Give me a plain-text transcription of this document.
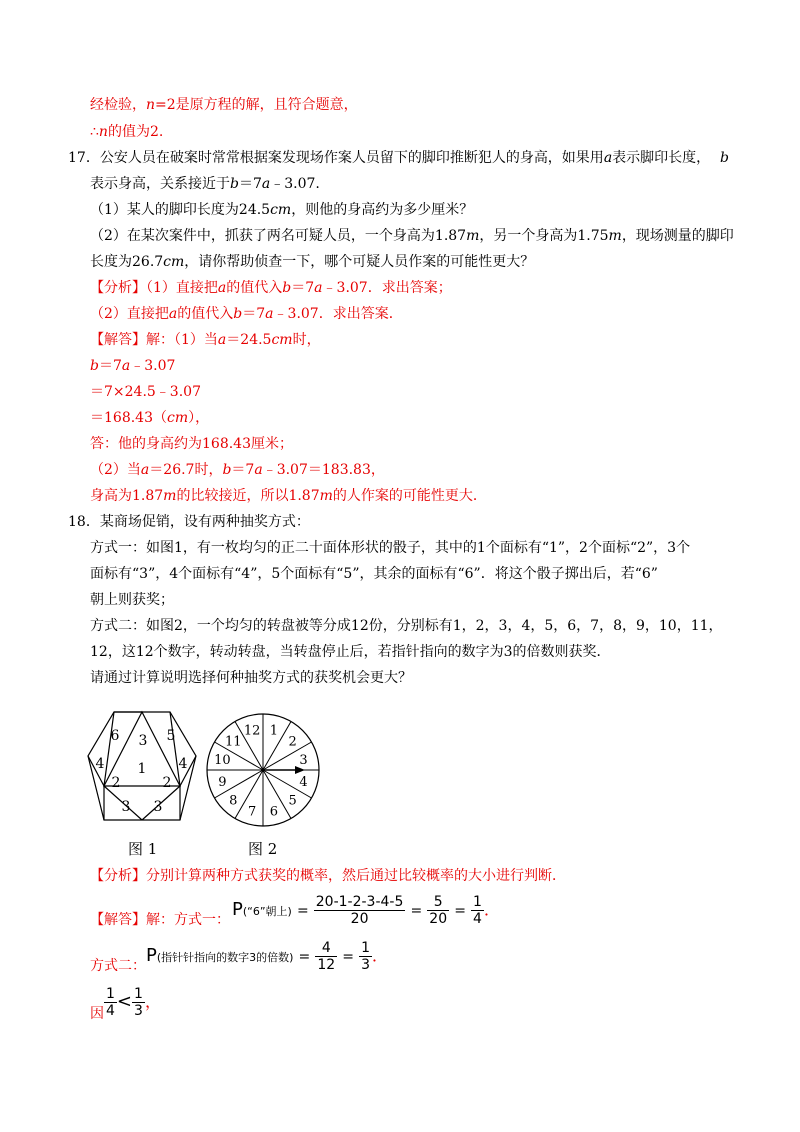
经检验，n=2是原方程的解，且符合题意，
∴n的值为2.
17．公安人员在破案时常常根据案发现场作案人员留下的脚印推断犯人的身高，如果用a表示脚印长度， b
表示身高，关系接近于b＝7a﹣3.07.
（1）某人的脚印长度为24.5cm，则他的身高约为多少厘米？
（2）在某次案件中，抓获了两名可疑人员，一个身高为1.87m，另一个身高为1.75m，现场测量的脚印
长度为26.7cm，请你帮助侦查一下，哪个可疑人员作案的可能性更大？
【分析】（1）直接把a的值代入b＝7a﹣3.07．求出答案；
（2）直接把a的值代入b＝7a﹣3.07．求出答案．
【解答】解：（1）当a＝24.5cm时，
b＝7a﹣3.07
＝7×24.5﹣3.07
＝168.43（cm），
答：他的身高约为168.43厘米；
（2）当a＝26.7时，b＝7a﹣3.07＝183.83，
身高为1.87m的比较接近，所以1.87m的人作案的可能性更大．
18．某商场促销，设有两种抽奖方式：
方式一：如图1，有一枚均匀的正二十面体形状的骰子，其中的1个面标有“1”，2个面标“2”，3个
面标有“3”，4个面标有“4”，5个面标有“5”，其余的面标有“6”．将这个骰子掷出后，若“6”
朝上则获奖；
方式二：如图2，一个均匀的转盘被等分成12份，分别标有1，2，3，4，5，6，7，8，9，10，11，
12，这12个数字，转动转盘，当转盘停止后，若指针指向的数字为3的倍数则获奖．
请通过计算说明选择何种抽奖方式的获奖机会更大？
6 3 5
4 1 4
2	2
3 3
图 1
12 1
2
3
4
5
6
7
8
9
10
11
图 2
【分析】分别计算两种方式获奖的概率，然后通过比较概率的大小进行判断．
【解答】解：方式一： P(“6”朝上) = $\frac{20-1-2-3-4-5}{20} = \frac{5}{20} = \frac{1}{4}$ ．
方式二： P(指针针指向的数字3的倍数) = $\frac{4}{12} = \frac{1}{3}$ ．
因 $\frac{1}{4} < \frac{1}{3}$ ，
